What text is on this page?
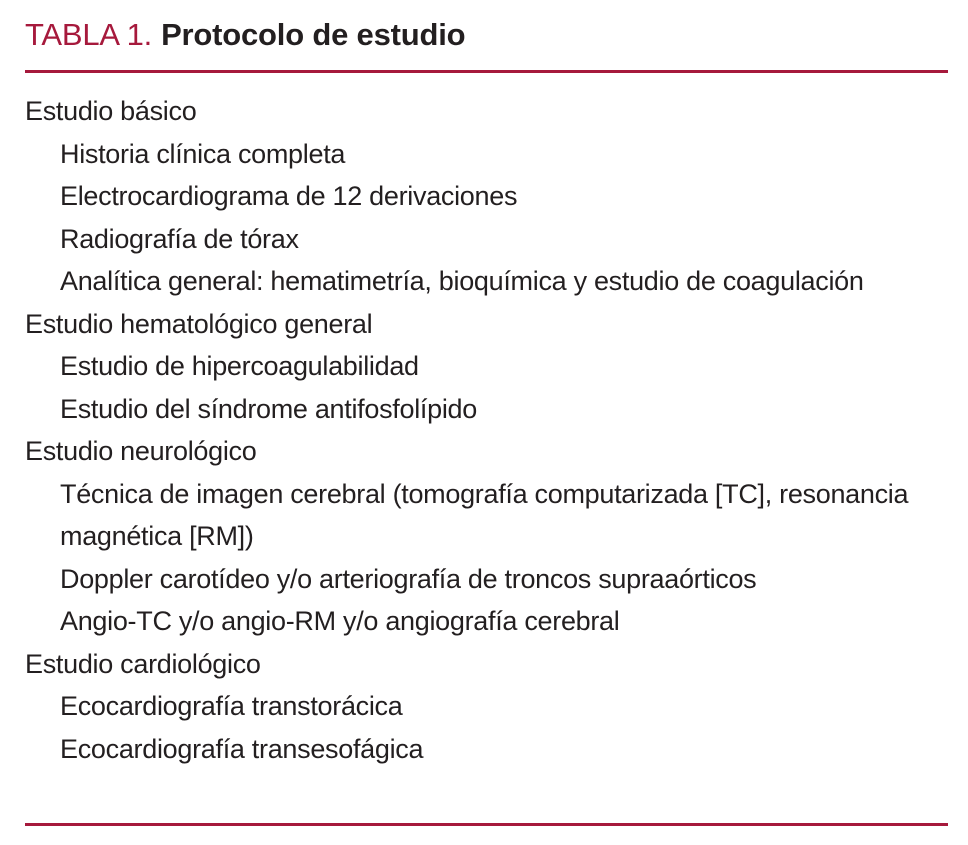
TABLA 1. Protocolo de estudio
Estudio básico
Historia clínica completa
Electrocardiograma de 12 derivaciones
Radiografía de tórax
Analítica general: hematimetría, bioquímica y estudio de coagulación
Estudio hematológico general
Estudio de hipercoagulabilidad
Estudio del síndrome antifosfolípido
Estudio neurológico
Técnica de imagen cerebral (tomografía computarizada [TC], resonancia magnética [RM])
Doppler carotídeo y/o arteriografía de troncos supraaórticos
Angio-TC y/o angio-RM y/o angiografía cerebral
Estudio cardiológico
Ecocardiografía transtorácica
Ecocardiografía transesofágica
